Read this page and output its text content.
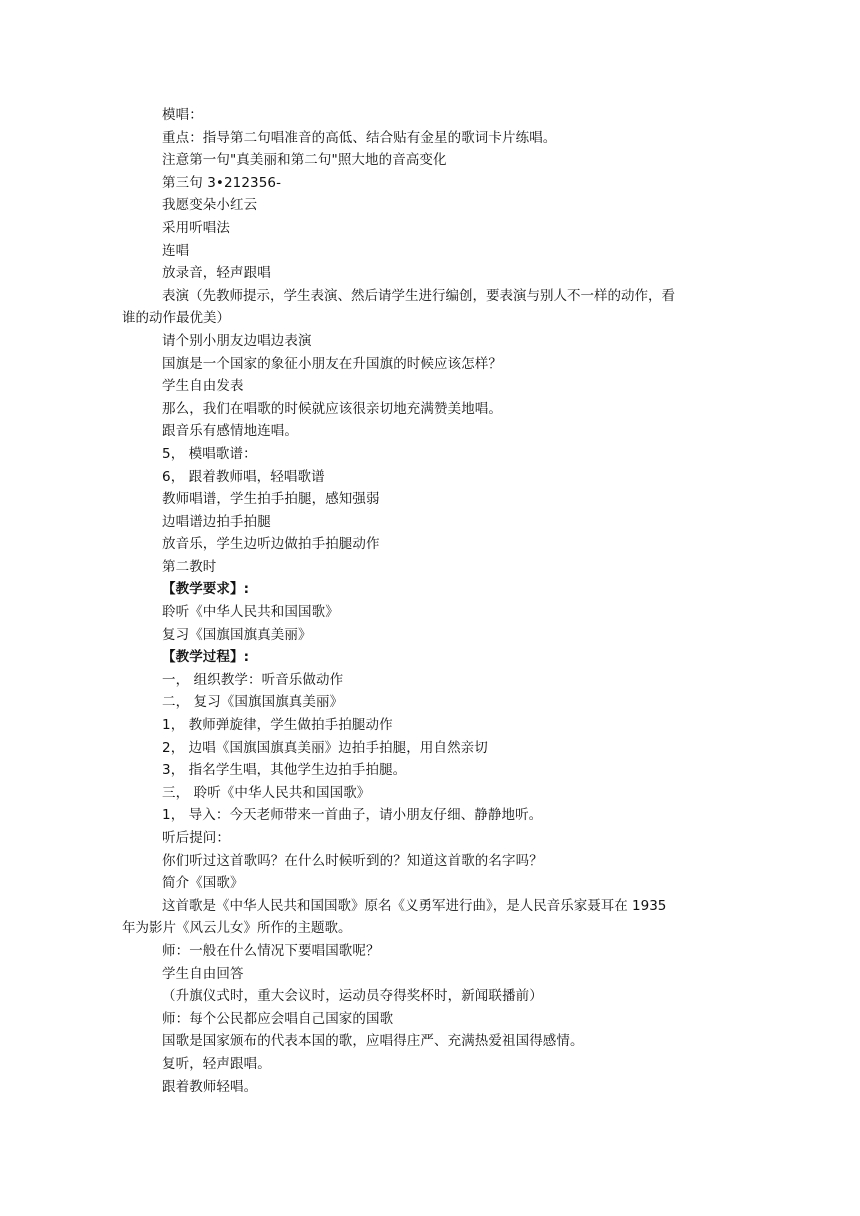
模唱：
重点：指导第二句唱准音的高低、结合贴有金星的歌词卡片练唱。
注意第一句"真美丽和第二句"照大地的音高变化
第三句 3•212356-
我愿变朵小红云
采用听唱法
连唱
放录音，轻声跟唱
表演（先教师提示，学生表演、然后请学生进行编创，要表演与别人不一样的动作，看
谁的动作最优美）
请个别小朋友边唱边表演
国旗是一个国家的象征小朋友在升国旗的时候应该怎样？
学生自由发表
那么，我们在唱歌的时候就应该很亲切地充满赞美地唱。
跟音乐有感情地连唱。
5， 模唱歌谱：
6， 跟着教师唱，轻唱歌谱
教师唱谱，学生拍手拍腿，感知强弱
边唱谱边拍手拍腿
放音乐，学生边听边做拍手拍腿动作
第二教时
【教学要求】:
聆听《中华人民共和国国歌》
复习《国旗国旗真美丽》
【教学过程】:
一， 组织教学：听音乐做动作
二， 复习《国旗国旗真美丽》
1， 教师弹旋律，学生做拍手拍腿动作
2， 边唱《国旗国旗真美丽》边拍手拍腿，用自然亲切
3， 指名学生唱，其他学生边拍手拍腿。
三， 聆听《中华人民共和国国歌》
1， 导入：今天老师带来一首曲子，请小朋友仔细、静静地听。
听后提问：
你们听过这首歌吗？在什么时候听到的？知道这首歌的名字吗？
简介《国歌》
这首歌是《中华人民共和国国歌》原名《义勇军进行曲》，是人民音乐家聂耳在 1935
年为影片《风云儿女》所作的主题歌。
师：一般在什么情况下要唱国歌呢？
学生自由回答
（升旗仪式时，重大会议时，运动员夺得奖杯时，新闻联播前）
师：每个公民都应会唱自己国家的国歌
国歌是国家颁布的代表本国的歌，应唱得庄严、充满热爱祖国得感情。
复听，轻声跟唱。
跟着教师轻唱。
